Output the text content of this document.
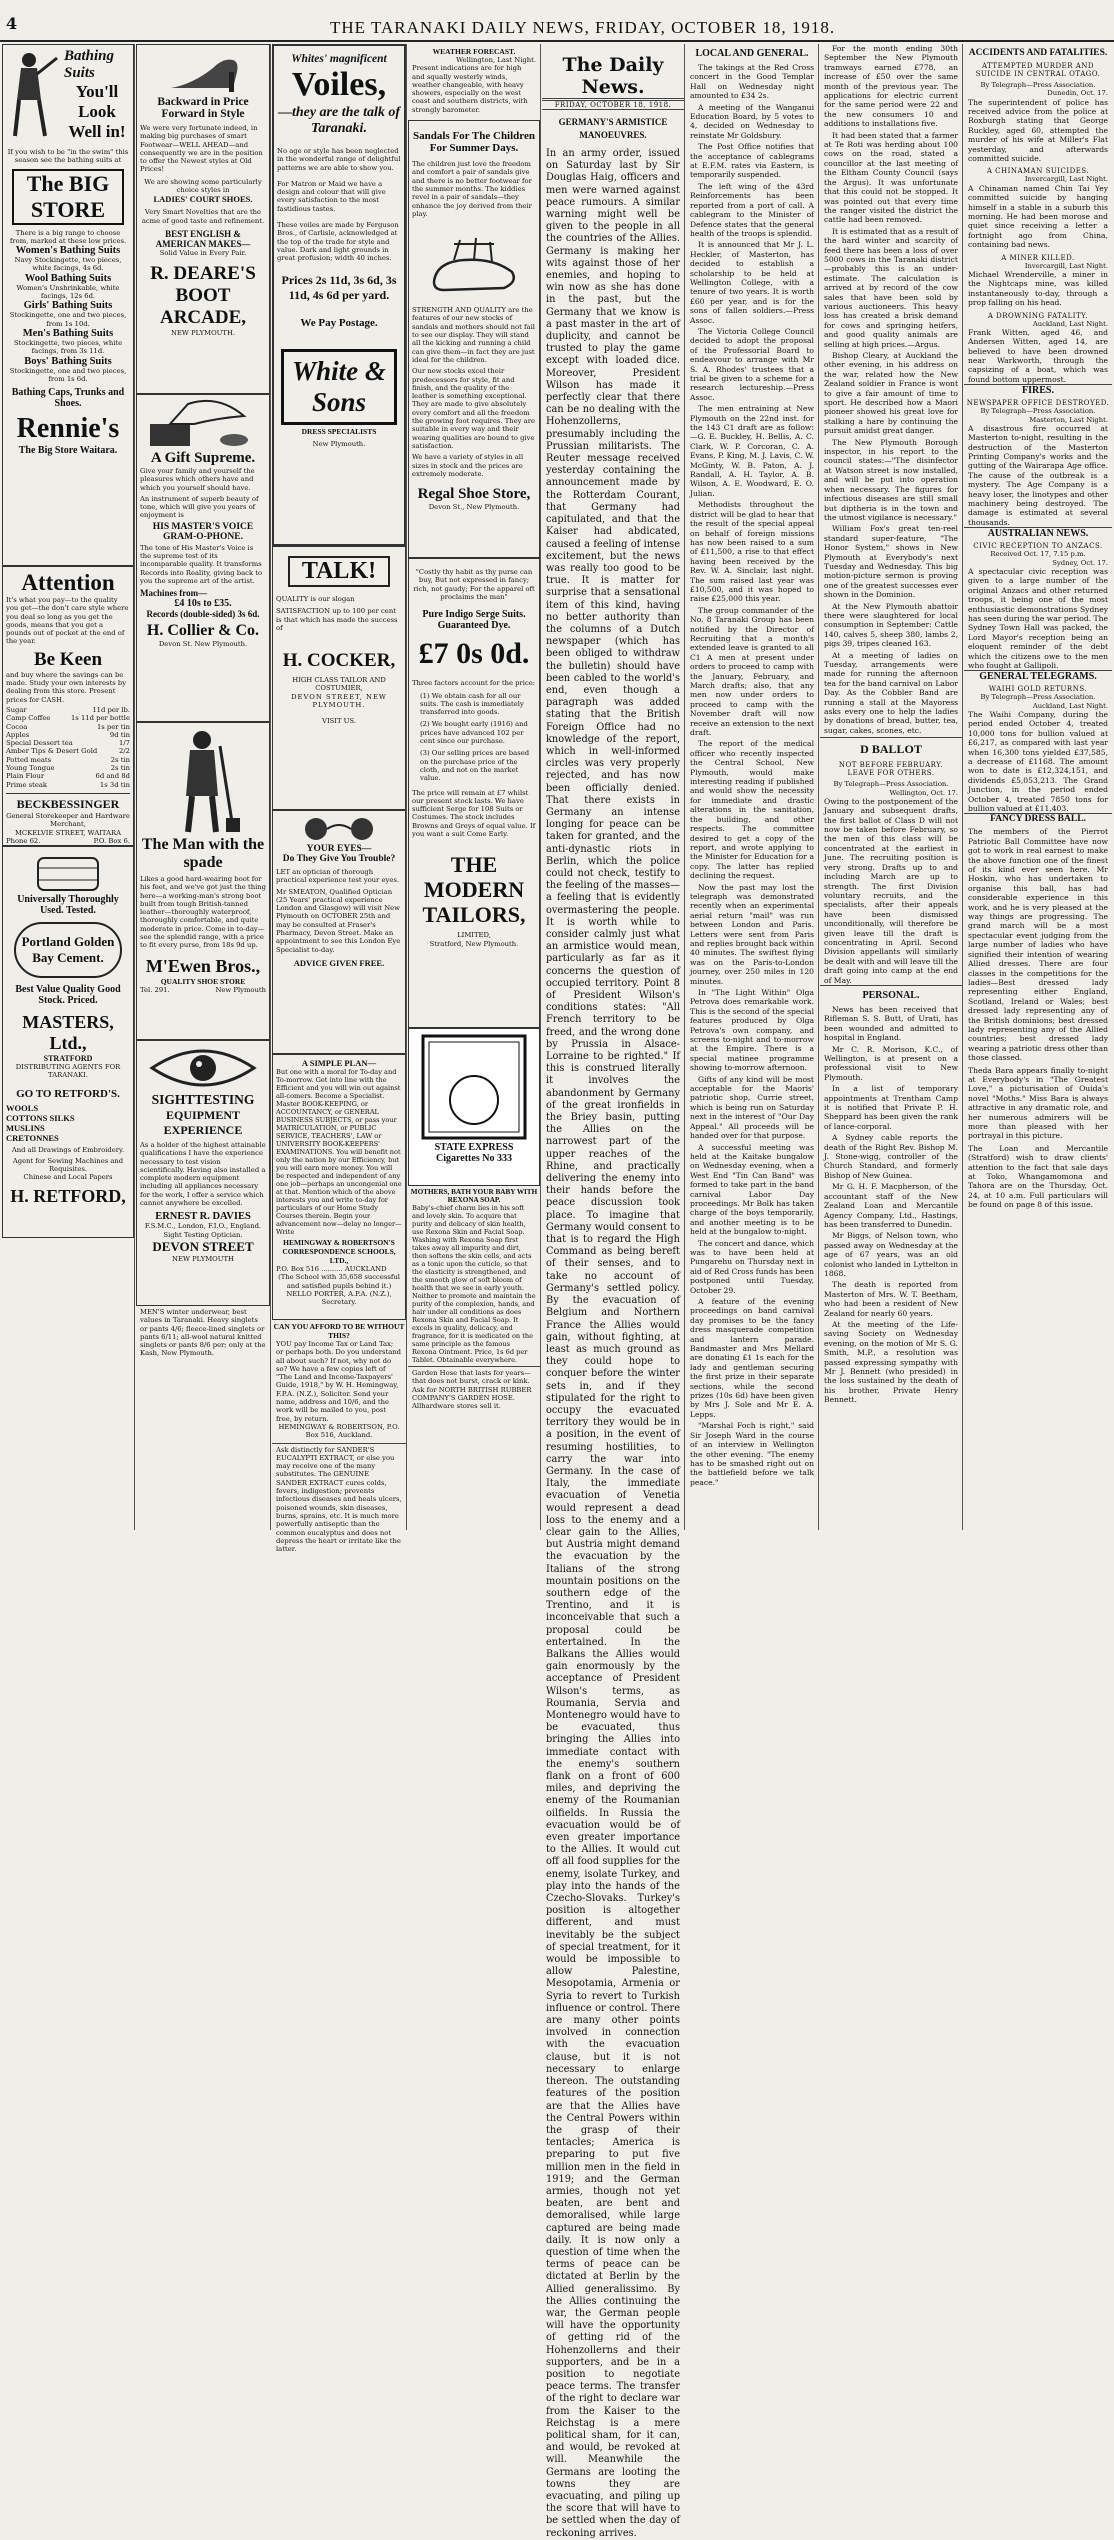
4	THE TARANAKI DAILY NEWS, FRIDAY, OCTOBER 18, 1918.
Bathing Suits
You'll Look Well in!
If you wish to be "in the swim" this season see the bathing suits at
The BIG STORE
There is a big range to choose from, marked at these low prices.
Women's Bathing Suits
Navy Stockingette, two pieces, white facings, 4s 6d.
Wool Bathing Suits
Women's Unshrinkable, white facings, 12s 6d.
Girls' Bathing Suits
Stockingette, one and two pieces, from 1s 10d.
Men's Bathing Suits
Stockingette, two pieces, white facings, from 3s 11d.
Boys' Bathing Suits
Stockingette, one and two pieces, from 1s 6d.
Bathing Caps, Trunks and Shoes.
Rennie's
The Big Store Waitara.
Attention
It's what you pay—to the quality you get—the don't care style where you deal so long as you get the goods, means that you get a pounds out of pocket at the end of the year.
Be Keen
and buy where the savings can be made. Study your own interests by dealing from this store. Present prices for CASH.
Sugar	11d per lb.
Camp Coffee	1s 11d per bottle
Cocoa	1s per tin
Apples	9d tin
Special Dessert tea	1/7
Amber Tips & Desert Gold	2/2
Potted meats	2s tin
Young Tongue	2s tin
Plain Flour	6d and 8d
Prime steak	1s 3d tin
BECKBESSINGER
General Storekeeper and Hardware Merchant,
MCKELVIE STREET, WAITARA
Phone 62.	P.O. Box 6.
Universally Thoroughly Used. Tested.
Portland Golden Bay Cement.
Best Value Quality Good Stock. Priced.
MASTERS, Ltd.,
STRATFORD
DISTRIBUTING AGENTS FOR TARANAKI.
GO TO RETFORD'S.
WOOLS COTTONS SILKS MUSLINS CRETONNES
And all Drawings of Embroidery.
Agent for Sewing Machines and Requisites.
Chinese and Local Papers
H. RETFORD,
Backward in Price
Forward in Style
We were very fortunate indeed, in making big purchases of smart Footwear—WELL AHEAD—and consequently we are in the position to offer the Newest styles at Old Prices!
We are showing some particularly choice styles in
LADIES' COURT SHOES.
Very Smart Novelties that are the acme of good taste and refinement.
BEST ENGLISH & AMERICAN MAKES—
Solid Value in Every Pair.
R. DEARE'S BOOT ARCADE,
NEW PLYMOUTH.
A Gift Supreme.
Give your family and yourself the pleasures which others have and which you yourself should have.
An instrument of superb beauty of tone, which will give you years of enjoyment is
HIS MASTER'S VOICE GRAM-O-PHONE.
The tone of His Master's Voice is the supreme test of its incomparable quality. It transforms Records into Reality, giving back to you the supreme art of the artist.
Machines from—
£4 10s to £35.
Records (double-sided) 3s 6d.
H. Collier & Co.
Devon St. New Plymouth.
The Man with the spade
Likes a good hard-wearing boot for his feet, and we've got just the thing here—a working-man's strong boot built from tough British-tanned leather—thoroughly waterproof, thoroughly comfortable, and quite moderate in price. Come in to-day—see the splendid range, with a price to fit every purse, from 18s 9d up.
M'Ewen Bros.,
QUALITY SHOE STORE
Tel. 291.	New Plymouth
SIGHTTESTING
EQUIPMENT
EXPERIENCE
As a holder of the highest attainable qualifications I have the experience necessary to test vision scientifically. Having also installed a complete modern equipment including all appliances necessary for the work, I offer a service which cannot anywhere be excelled.
ERNEST R. DAVIES
F.S.M.C., London, F.I.O., England.
Sight Testing Optician.
DEVON STREET
NEW PLYMOUTH
MEN'S winter underwear, best values in Taranaki. Heavy singlets or pants 4/6; fleece-lined singlets or pants 6/11; all-wool natural knitted singlets or pants 8/6 per; only at the Kash, New Plymouth.
Whites' magnificent
Voiles,
—they are the talk of Taranaki.
No age or style has been neglected in the wonderful range of delightful patterns we are able to show you.
For Matron or Maid we have a design and colour that will give every satisfaction to the most fastidious tastes.
These voiles are made by Ferguson Bros., of Carlisle, acknowledged at the top of the trade for style and value. Dark and light grounds in great profusion; width 40 inches.
Prices 2s 11d, 3s 6d, 3s 11d, 4s 6d per yard.
We Pay Postage.
White & Sons
DRESS SPECIALISTS
New Plymouth.
TALK!
QUALITY is our slogan
SATISFACTION up to 100 per cent is that which has made the success of
H. COCKER,
HIGH CLASS TAILOR AND COSTUMIER,
DEVON STREET, NEW PLYMOUTH.
VISIT US.
YOUR EYES—
Do They Give You Trouble?
LET an optician of thorough practical experience test your eyes.
Mr SMEATON, Qualified Optician (25 Years' practical experience London and Glasgow) will visit New Plymouth on OCTOBER 25th and may be consulted at Fraser's Pharmacy, Devon Street. Make an appointment to see this London Eye Specialist to-day.
ADVICE GIVEN FREE.
A SIMPLE PLAN—
But one with a moral for To-day and To-morrow. Get into line with the Efficient and you will win out against all-comers. Become a Specialist. Master BOOK-KEEPING, or ACCOUNTANCY, or GENERAL BUSINESS SUBJECTS, or pass your MATRICULATION, or PUBLIC SERVICE, TEACHERS', LAW or UNIVERSITY BOOK-KEEPERS' EXAMINATIONS. You will benefit not only the nation by our Efficiency, but you will earn more money. You will be respected and independent of any one job—perhaps an uncongenial one at that. Mention which of the above interests you and write to-day for particulars of our Home Study Courses therein. Begin your advancement now—delay no longer—Write
HEMINGWAY & ROBERTSON'S CORRESPONDENCE SCHOOLS, LTD.,
P.O. Box 516 .......... AUCKLAND
(The School with 35,658 successful and satisfied pupils behind it.)
NELLO PORTER, A.P.A. (N.Z.), Secretary.
CAN YOU AFFORD TO BE WITHOUT THIS?
YOU pay Income Tax or Land Tax; or perhaps both. Do you understand all about such? If not, why not do so? We have a few copies left of "The Land and Income-Taxpayers' Guide, 1918," by W. H. Hemingway, F.P.A. (N.Z.), Solicitor. Send your name, address and 10/6, and the work will be mailed to you, post free, by return.
HEMINGWAY & ROBERTSON, P.O. Box 516, Auckland.
Ask distinctly for SANDER'S EUCALYPTI EXTRACT, or else you may receive one of the many substitutes. The GENUINE SANDER EXTRACT cures colds, fevers, indigestion; prevents infectious diseases and heals ulcers, poisoned wounds, skin diseases, burns, sprains, etc. It is much more powerfully antiseptic than the common eucalyptus and does not depress the heart or irritate like the latter.
WEATHER FORECAST.
Wellington, Last Night.
Present indications are for high and squally westerly winds, weather changeable, with heavy showers, especially on the west coast and southern districts, with strongly barometer.
Sandals For The Children For Summer Days.
The children just love the freedom and comfort a pair of sandals give and there is no better footwear for the summer months. The kiddies revel in a pair of sandals—they enhance the joy derived from their play.
STRENGTH AND QUALITY are the features of our new stocks of sandals and mothers should not fail to see our display. They will stand all the kicking and running a child can give them—in fact they are just ideal for the children.
Our new stocks excel their predecessors for style, fit and finish, and the quality of the leather is something exceptional. They are made to give absolutely every comfort and all the freedom the growing foot requires. They are suitable in every way and their wearing qualities are bound to give satisfaction.
We have a variety of styles in all sizes in stock and the prices are extremely moderate.
Regal Shoe Store,
Devon St., New Plymouth.
"Costly thy habit as thy purse can buy, But not expressed in fancy; rich, not gaudy; For the apparel oft proclaims the man"
Pure Indigo Serge Suits. Guaranteed Dye.
£7 0s 0d.
Three factors account for the price:
(1) We obtain cash for all our suits. The cash is immediately transferred into goods.
(2) We bought early (1916) and prices have advanced 102 per cent since our purchase.
(3) Our selling prices are based on the purchase price of the cloth, and not on the market value.
The price will remain at £7 whilst our present stock lasts. We have sufficient Serge for 108 Suits or Costumes. The stock includes Browns and Greys of equal value. If you want a suit Come Early.
THE MODERN TAILORS,
LIMITED,
Stratford, New Plymouth.
STATE EXPRESS Cigarettes No 333
MOTHERS, BATH YOUR BABY WITH REXONA SOAP.
Baby's-chief charm lies in his soft and lovely skin. To acquire that purity and delicacy of skin health, use Rexona Skin and Facial Soap. Washing with Rexona Soap first takes away all impurity and dirt, then softens the skin cells, and acts as a tonic upon the cuticle, so that the elasticity is strengthened, and the smooth glow of soft bloom of health that we see in early youth. Neither to promote and maintain the purity of the complexion, hands, and hair under all conditions as does Rexona Skin and Facial Soap. It excels in quality, delicacy, and fragrance, for it is medicated on the same principle as the famous Rexona Ointment. Price, 1s 6d per Tablet. Obtainable everywhere.
Garden Hose that lasts for years—that does not burst, crack or kink. Ask for NORTH BRITISH RUBBER COMPANY'S GARDEN HOSE. Allhardware stores sell it.
The Daily News.
FRIDAY, OCTOBER 18, 1918.
GERMANY'S ARMISTICE MANOEUVRES.
In an army order, issued on Saturday last by Sir Douglas Haig, officers and men were warned against peace rumours. A similar warning might well be given to the people in all the countries of the Allies. Germany is making her wits against those of her enemies, and hoping to win now as she has done in the past, but the Germany that we know is a past master in the art of duplicity, and cannot be trusted to play the game except with loaded dice. Moreover, President Wilson has made it perfectly clear that there can be no dealing with the Hohenzollerns, presumably including the Prussian militarists. The Reuter message received yesterday containing the announcement made by the Rotterdam Courant, that Germany had capitulated, and that the Kaiser had abdicated, caused a feeling of intense excitement, but the news was really too good to be true. It is matter for surprise that a sensational item of this kind, having no better authority than the columns of a Dutch newspaper (which has been obliged to withdraw the bulletin) should have been cabled to the world's end, even though a paragraph was added stating that the British Foreign Office had no knowledge of the report, which in well-informed circles was very properly rejected, and has now been officially denied. That there exists in Germany an intense longing for peace can be taken for granted, and the anti-dynastic riots in Berlin, which the police could not check, testify to the feeling of the masses—a feeling that is evidently overmastering the people. It is worth while to consider calmly just what an armistice would mean, particularly as far as it concerns the question of occupied territory. Point 8 of President Wilson's conditions states: "All French territory to be freed, and the wrong done by Prussia in Alsace-Lorraine to be righted." If this is construed literally it involves the abandonment by Germany of the great ironfields in the Briey basin, putting the Allies on the narrowest part of the upper reaches of the Rhine, and practically delivering the enemy into their hands before the peace discussion took place. To imagine that Germany would consent to that is to regard the High Command as being bereft of their senses, and to take no account of Germany's settled policy. By the evacuation of Belgium and Northern France the Allies would gain, without fighting, at least as much ground as they could hope to conquer before the winter sets in, and if they stipulated for the right to occupy the evacuated territory they would be in a position, in the event of resuming hostilities, to carry the war into Germany. In the case of Italy, the immediate evacuation of Venetia would represent a dead loss to the enemy and a clear gain to the Allies, but Austria might demand the evacuation by the Italians of the strong mountain positions on the southern edge of the Trentino, and it is inconceivable that such a proposal could be entertained. In the Balkans the Allies would gain enormously by the acceptance of President Wilson's terms, as Roumania, Servia and Montenegro would have to be evacuated, thus bringing the Allies into immediate contact with the enemy's southern flank on a front of 600 miles, and depriving the enemy of the Roumanian oilfields. In Russia the evacuation would be of even greater importance to the Allies. It would cut off all food supplies for the enemy, isolate Turkey, and play into the hands of the Czecho-Slovaks. Turkey's position is altogether different, and must inevitably be the subject of special treatment, for it would be impossible to allow Palestine, Mesopotamia, Armenia or Syria to revert to Turkish influence or control. There are many other points involved in connection with the evacuation clause, but it is not necessary to enlarge thereon. The outstanding features of the position are that the Allies have the Central Powers within the grasp of their tentacles; America is preparing to put five million men in the field in 1919; and the German armies, though not yet beaten, are bent and demoralised, while large captured are being made daily. It is now only a question of time when the terms of peace can be dictated at Berlin by the Allied generalissimo. By the Allies continuing the war, the German people will have the opportunity of getting rid of the Hohenzollerns and their supporters, and be in a position to negotiate peace terms. The transfer of the right to declare war from the Kaiser to the Reichstag is a mere political sham, for it can, and would, be revoked at will. Meanwhile the Germans are looting the towns they are evacuating, and piling up the score that will have to be settled when the day of reckoning arrives.
LOCAL AND GENERAL.
The takings at the Red Cross concert in the Good Templar Hall on Wednesday night amounted to £34 2s.
A meeting of the Wanganui Education Board, by 5 votes to 4, decided on Wednesday to reinstate Mr Goldsbury.
The Post Office notifies that the acceptance of cablegrams at E.F.M. rates via Eastern, is temporarily suspended.
The left wing of the 43rd Reinforcements has been reported from a port of call. A cablegram to the Minister of Defence states that the general health of the troops is splendid.
It is announced that Mr J. L. Heckler, of Masterton, has decided to establish a scholarship to be held at Wellington College, with a tenure of two years. It is worth £60 per year, and is for the sons of fallen soldiers.—Press Assoc.
The Victoria College Council decided to adopt the proposal of the Professorial Board to endeavour to arrange with Mr S. A. Rhodes' trustees that a trial be given to a scheme for a research lectureship.—Press Assoc.
The men entraining at New Plymouth on the 22nd inst. for the 143 C1 draft are as follow:—G. E. Buckley, H. Bellis, A. C. Clark, W. P. Corcoran, C. A. Evans, P. King, M. J. Lavis, C. W. McGinty, W. B. Paton, A. J. Randall, A. H. Taylor, A. B. Wilson, A. E. Woodward, E. O. Julian.
Methodists throughout the district will be glad to hear that the result of the special appeal on behalf of foreign missions has now been raised to a sum of £11,500, a rise to that effect having been received by the Rev. W. A. Sinclair, last night. The sum raised last year was £10,500, and it was hoped to raise £25,000 this year.
The group commander of the No. 8 Taranaki Group has been notified by the Director of Recruiting that a month's extended leave is granted to all C1 A men at present under orders to proceed to camp with the January, February, and March drafts; also, that any men now under orders to proceed to camp with the November draft will now receive an extension to the next draft.
The report of the medical officer who recently inspected the Central School, New Plymouth, would make interesting reading if published and would show the necessity for immediate and drastic alterations in the sanitation, the building, and other respects. The committee desired to get a copy of the report, and wrote applying to the Minister for Education for a copy. The latter has replied declining the request.
Now the past may lost the telegraph was demonstrated recently when an experimental aerial return "mail" was run between London and Paris. Letters were sent from Paris and replies brought back within 40 minutes. The swiftest flying was on the Paris-to-London journey, over 250 miles in 120 minutes.
In "The Light Within" Olga Petrova does remarkable work. This is the second of the special features produced by Olga Petrova's own company, and screens to-night and to-morrow at the Empire. There is a special matinee programme showing to-morrow afternoon.
Gifts of any kind will be most acceptable for the Maoris' patriotic shop, Currie street, which is being run on Saturday next in the interest of "Our Day Appeal." All proceeds will be handed over for that purpose.
A successful meeting was held at the Kaitake bungalow on Wednesday evening, when a West End "Tin Can Band" was formed to take part in the band carnival Labor Day proceedings. Mr Bolk has taken charge of the boys temporarily, and another meeting is to be held at the bungalow to-night.
The concert and dance, which was to have been held at Pungarehu on Thursday next in aid of Red Cross funds has been postponed until Tuesday, October 29.
A feature of the evening proceedings on band carnival day promises to be the fancy dress masquerade competition and lantern parade. Bandmaster and Mrs Mellard are donating £1 1s each for the lady and gentleman securing the first prize in their separate sections, while the second prizes (10s 6d) have been given by Mrs J. Sole and Mr E. A. Lepps.
"Marshal Foch is right," said Sir Joseph Ward in the course of an interview in Wellington the other evening. "The enemy has to be smashed right out on the battlefield before we talk peace."
For the month ending 30th September the New Plymouth tramways earned £778, an increase of £50 over the same month of the previous year. The applications for electric current for the same period were 22 and the new consumers 10 and additions to installations five.
It had been stated that a farmer at Te Roti was herding about 100 cows on the road, stated a councillor at the last meeting of the Eltham County Council (says the Argus). It was unfortunate that this could not be stopped. It was pointed out that every time the ranger visited the district the cattle had been removed.
It is estimated that as a result of the hard winter and scarcity of feed there has been a loss of over 5000 cows in the Taranaki district—probably this is an under-estimate. The calculation is arrived at by record of the cow sales that have been sold by various auctioneers. This heavy loss has created a brisk demand for cows and springing heifers, and good quality animals are selling at high prices.—Argus.
Bishop Cleary, at Auckland the other evening, in his address on the war, related how the New Zealand soldier in France is wont to give a fair amount of time to sport. He described how a Maori pioneer showed his great love for stalking a hare by continuing the pursuit amidst great danger.
The New Plymouth Borough inspector, in his report to the council states:—"The disinfector at Watson street is now installed, and will be put into operation when necessary. The figures for infectious diseases are still small but diptheria is in the town and the utmost vigilance is necessary."
William Fox's great ten-reel standard super-feature, "The Honor System," shows in New Plymouth at Everybody's next Tuesday and Wednesday. This big motion-picture sermon is proving one of the greatest successes ever shown in the Dominion.
At the New Plymouth abattoir there were slaughtered for local consumption in September: Cattle 140, calves 5, sheep 380, lambs 2, pigs 39, tripes cleaned 163.
At a meeting of ladies on Tuesday, arrangements were made for running the afternoon tea for the band carnival on Labor Day. As the Cobbler Band are running a stall at the Mayoress asks every one to help the ladies by donations of bread, butter, tea, sugar, cakes, scones, etc.
D BALLOT
NOT BEFORE FEBRUARY.
LEAVE FOR OTHERS.
By Telegraph—Press Association.
Wellington, Oct. 17.
Owing to the postponement of the January and subsequent drafts, the first ballot of Class D will not now be taken before February, so the men of this class will be concentrated at the earliest in June. The recruiting position is very strong. Drafts up to and including March are up to strength. The first Division voluntary recruits, and the specialists, after their appeals have been dismissed unconditionally, will therefore be given leave till the draft is concentrating in April. Second Division appellants will similarly be dealt with and will leave till the draft going into camp at the end of May.
PERSONAL.
News has been received that Rifleman S. S. Butt, of Urati, has been wounded and admitted to hospital in England.
Mr C. R. Morison, K.C., of Wellington, is at present on a professional visit to New Plymouth.
In a list of temporary appointments at Trentham Camp it is notified that Private P. H. Sheppard has been given the rank of lance-corporal.
A Sydney cable reports the death of the Right Rev. Bishop M. J. Stone-wigg, controller of the Church Standard, and formerly Bishop of New Guinea.
Mr G. H. F. Macpherson, of the accountant staff of the New Zealand Loan and Mercantile Agency Company, Ltd., Hastings, has been transferred to Dunedin.
Mr Biggs, of Nelson town, who passed away on Wednesday at the age of 67 years, was an old colonist who landed in Lyttelton in 1868.
The death is reported from Masterton of Mrs. W. T. Beetham, who had been a resident of New Zealand for nearly 60 years.
At the meeting of the Life-saving Society on Wednesday evening, on the motion of Mr S. G. Smith, M.P., a resolution was passed expressing sympathy with Mr J. Bennett (who presided) in the loss sustained by the death of his brother, Private Henry Bennett.
ACCIDENTS AND FATALITIES.
ATTEMPTED MURDER AND SUICIDE IN CENTRAL OTAGO.
By Telegraph—Press Association.
Dunedin, Oct. 17.
The superintendent of police has received advice from the police at Roxburgh stating that George Ruckley, aged 60, attempted the murder of his wife at Miller's Flat yesterday, and afterwards committed suicide.
A CHINAMAN SUICIDES.
Invercargill, Last Night.
A Chinaman named Chin Tai Yey committed suicide by hanging himself in a stable in a suburb this morning. He had been morose and quiet since receiving a letter a fortnight ago from China, containing bad news.
A MINER KILLED.
Invercargill, Last Night.
Michael Wrenderville, a miner in the Nightcaps mine, was killed instantaneously to-day, through a prop falling on his head.
A DROWNING FATALITY.
Auckland, Last Night.
Frank Witten, aged 46, and Andersen Witten, aged 14, are believed to have been drowned near Warkworth, through the capsizing of a boat, which was found bottom uppermost.
FIRES.
NEWSPAPER OFFICE DESTROYED.
By Telegraph—Press Association.
Masterton, Last Night.
A disastrous fire occurred at Masterton to-night, resulting in the destruction of the Masterton Printing Company's works and the gutting of the Wairarapa Age office. The cause of the outbreak is a mystery. The Age Company is a heavy loser, the linotypes and other machinery being destroyed. The damage is estimated at several thousands.
AUSTRALIAN NEWS.
CIVIC RECEPTION TO ANZACS.
Received Oct. 17, 7.15 p.m.
Sydney, Oct. 17.
A spectacular civic reception was given to a large number of the original Anzacs and other returned troops, it being one of the most enthusiastic demonstrations Sydney has seen during the war period. The Sydney Town Hall was packed, the Lord Mayor's reception being an eloquent reminder of the debt which the citizens owe to the men who fought at Gallipoli.
GENERAL TELEGRAMS.
WAIHI GOLD RETURNS.
By Telegraph—Press Association.
Auckland, Last Night.
The Waihi Company, during the period ended October 4, treated 10,000 tons for bullion valued at £6,217, as compared with last year when 16,300 tons yielded £37,585, a decrease of £1168. The amount won to date is £12,324,151, and dividends £5,053,213. The Grand Junction, in the period ended October 4, treated 7850 tons for bullion valued at £11,403.
FANCY DRESS BALL.
The members of the Pierrot Patriotic Ball Committee have now got to work in real earnest to make the above function one of the finest of its kind ever seen here. Mr Hoskin, who has undertaken to organise this ball, has had considerable experience in this work, and he is very pleased at the way things are progressing. The grand march will be a most spectacular event judging from the large number of ladies who have signified their intention of wearing Allied dresses. There are four classes in the competitions for the ladies—Best dressed lady representing either England, Scotland, Ireland or Wales; best dressed lady representing any of the British dominions; best dressed lady representing any of the Allied countries; best dressed lady wearing a patriotic dress other than those classed.
Theda Bara appears finally to-night at Everybody's in "The Greatest Love," a picturisation of Ouida's novel "Moths." Miss Bara is always attractive in any dramatic role, and her numerous admirers will be more than pleased with her portrayal in this picture.
The Loan and Mercantile (Stratford) wish to draw clients' attention to the fact that sale days at Toko, Whangamomona and Tahora are on the Thursday, Oct. 24, at 10 a.m. Full particulars will be found on page 8 of this issue.
